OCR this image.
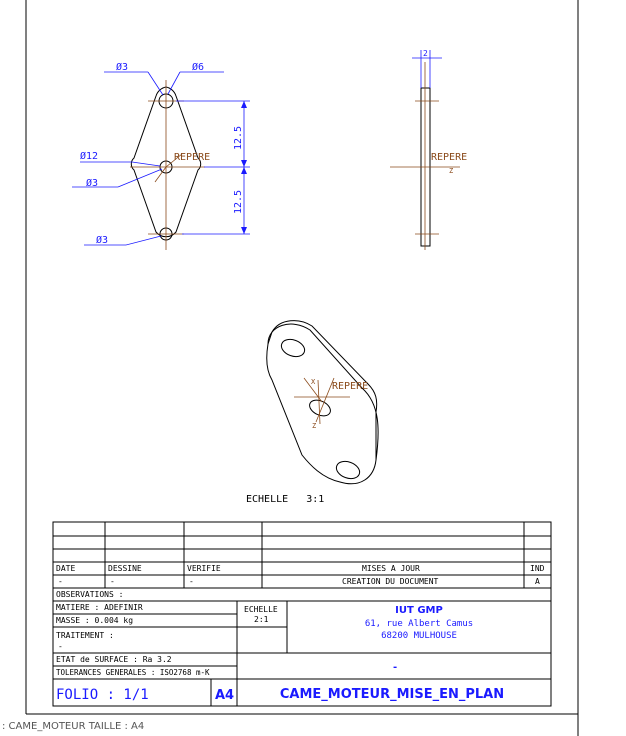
REPERE
Ø3	Ø6
Ø12
Ø3
Ø3
12.5
12.5
2
REPERE
Z
REPERE
X
Z
ECHELLE   3:1
DATE	DESSINE	VERIFIE	MISES A JOUR	IND
-	-	-	CREATION DU DOCUMENT	A
OBSERVATIONS :
MATIERE : ADEFINIR
MASSE : 0.004 kg
TRAITEMENT :
-
ETAT de SURFACE : Ra 3.2
TOLERANCES GENERALES : ISO2768 m-K
ECHELLE
2:1
IUT GMP
61, rue Albert Camus
68200 MULHOUSE
-
FOLIO : 1/1	A4	CAME_MOTEUR_MISE_EN_PLAN
: CAME_MOTEUR TAILLE : A4
